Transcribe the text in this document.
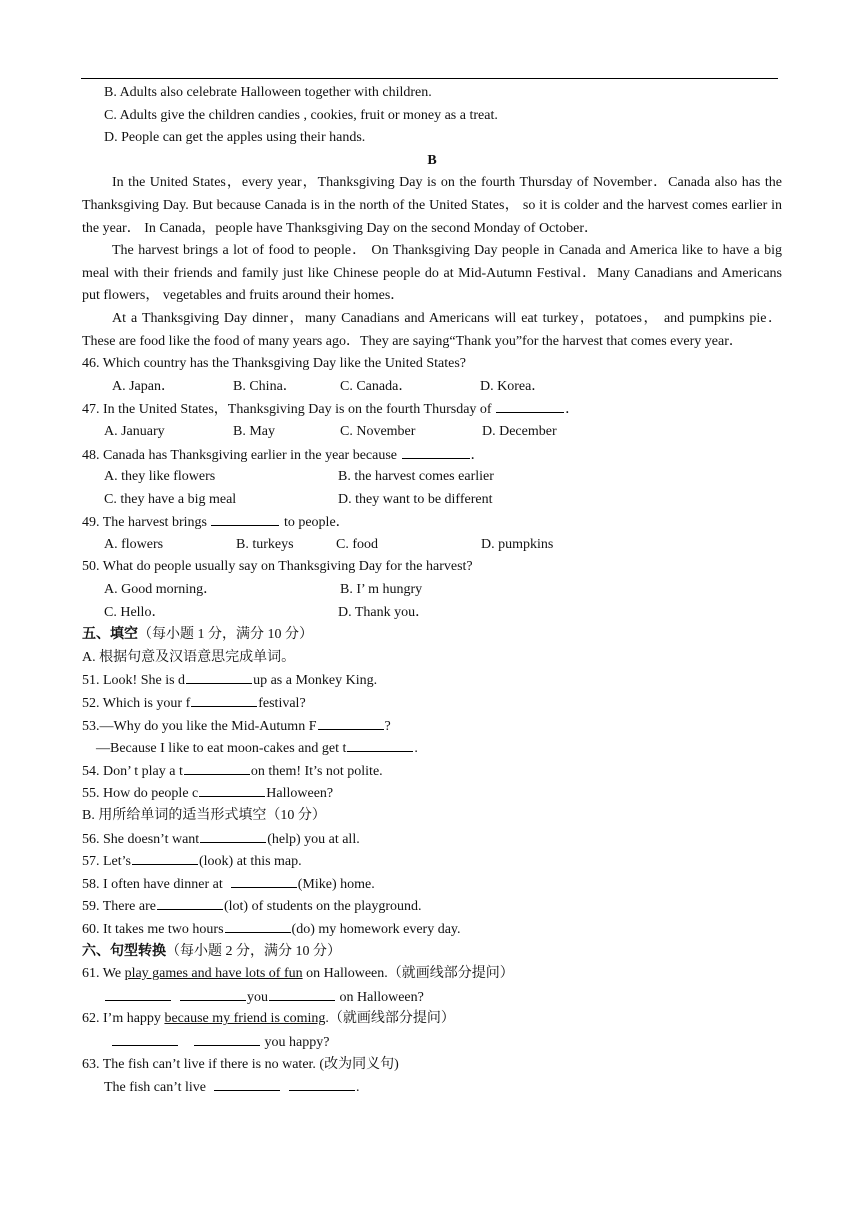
B. Adults also celebrate Halloween together with children.
C. Adults give the children candies , cookies, fruit or money as a treat.
D. People can get the apples using their hands.
B
In the United States，every year，Thanksgiving Day is on the fourth Thursday of November．Canada also has the Thanksgiving Day. But because Canada is in the north of the United States， so it is colder and the harvest comes earlier in the year． In Canada，people have Thanksgiving Day on the second Monday of October．
The harvest brings a lot of food to people． On Thanksgiving Day people in Canada and America like to have a big meal with their friends and family just like Chinese people do at Mid-Autumn Festival．Many Canadians and Americans put flowers， vegetables and fruits around their homes．
At a Thanksgiving Day dinner，many Canadians and Americans will eat turkey，potatoes， and pumpkins pie．These are food like the food of many years ago．They are saying“Thank you”for the harvest that comes every year．
46. Which country has the Thanksgiving Day like the United States?
A. Japan．	B. China．	C. Canada．	D. Korea．
47. In the United States，Thanksgiving Day is on the fourth Thursday of	．
A. January	B. May	C. November	D. December
48. Canada has Thanksgiving earlier in the year because	．
A. they like flowers	B. the harvest comes earlier
C. they have a big meal	D. they want to be different
49. The harvest brings	to people．
A. flowers	B. turkeys	C. food	D. pumpkins
50. What do people usually say on Thanksgiving Day for the harvest?
A. Good morning．	B. I’ m hungry
C. Hello．	D. Thank you．
五、填空（每小题 1 分，满分 10 分）
A. 根据句意及汉语意思完成单词。
51. Look! She is d	up as a Monkey King.
52. Which is your f	festival?
53.—Why do you like the Mid-Autumn F	?
—Because I like to eat moon-cakes and get t	.
54. Don’ t play a t	on them! It’s not polite.
55. How do people c	Halloween?
B. 用所给单词的适当形式填空（10 分）
56. She doesn’t want	(help) you at all.
57. Let’s	(look) at this map.
58. I often have dinner at	(Mike) home.
59. There are	(lot) of students on the playground.
60. It takes me two hours	(do) my homework every day.
六、句型转换（每小题 2 分，满分 10 分）
61. We play games and have lots of fun on Halloween.（就画线部分提问）
you	on Halloween?
62. I’m happy because my friend is coming.（就画线部分提问）
you happy?
63. The fish can’t live if there is no water. (改为同义句)
The fish can’t live	.
